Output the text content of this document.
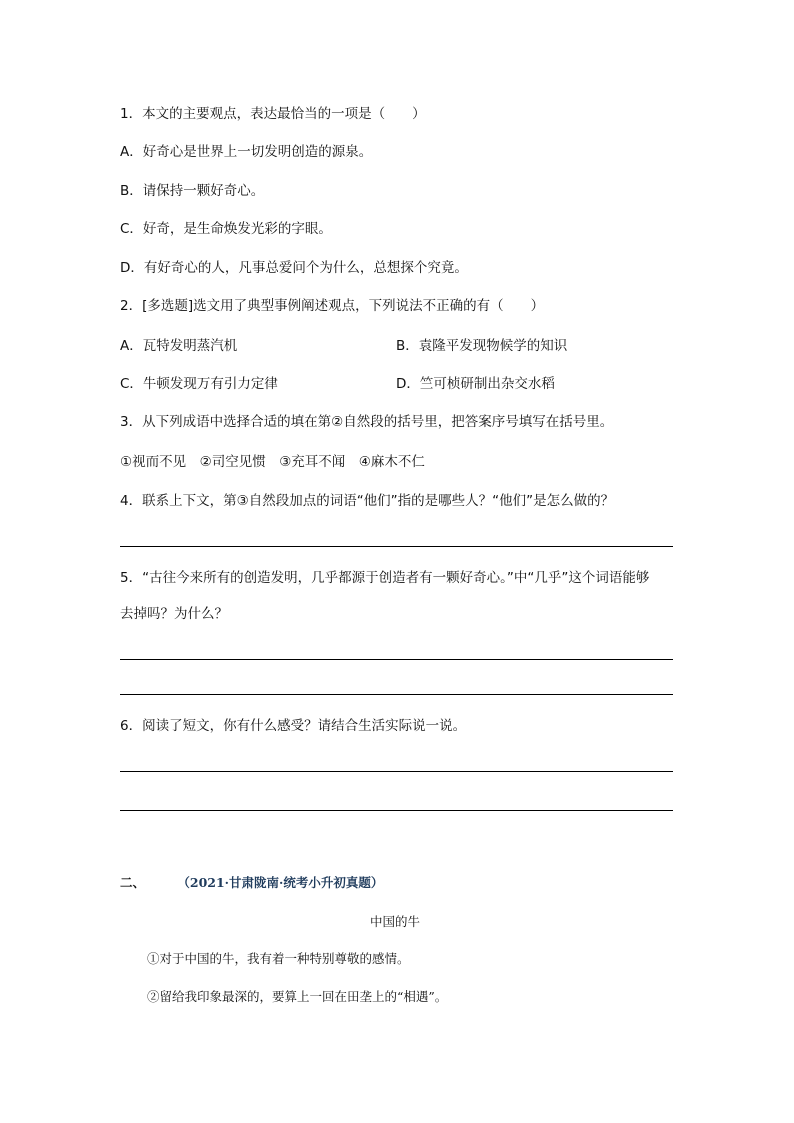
1．本文的主要观点，表达最恰当的一项是（　　）
A．好奇心是世界上一切发明创造的源泉。
B．请保持一颗好奇心。
C．好奇，是生命焕发光彩的字眼。
D．有好奇心的人，凡事总爱问个为什么，总想探个究竟。
2．[多选题]选文用了典型事例阐述观点，下列说法不正确的有（　　）
A．瓦特发明蒸汽机	B．袁隆平发现物候学的知识
C．牛顿发现万有引力定律	D．竺可桢研制出杂交水稻
3．从下列成语中选择合适的填在第②自然段的括号里，把答案序号填写在括号里。
①视而不见　②司空见惯　③充耳不闻　④麻木不仁
4．联系上下文，第③自然段加点的词语“他们”指的是哪些人？“他们”是怎么做的？
5．“古往今来所有的创造发明，几乎都源于创造者有一颗好奇心。”中“几乎”这个词语能够
去掉吗？为什么？
6．阅读了短文，你有什么感受？请结合生活实际说一说。
二、	（2021·甘肃陇南·统考小升初真题）
中国的牛
①对于中国的牛，我有着一种特别尊敬的感情。
②留给我印象最深的，要算上一回在田垄上的“相遇”。
